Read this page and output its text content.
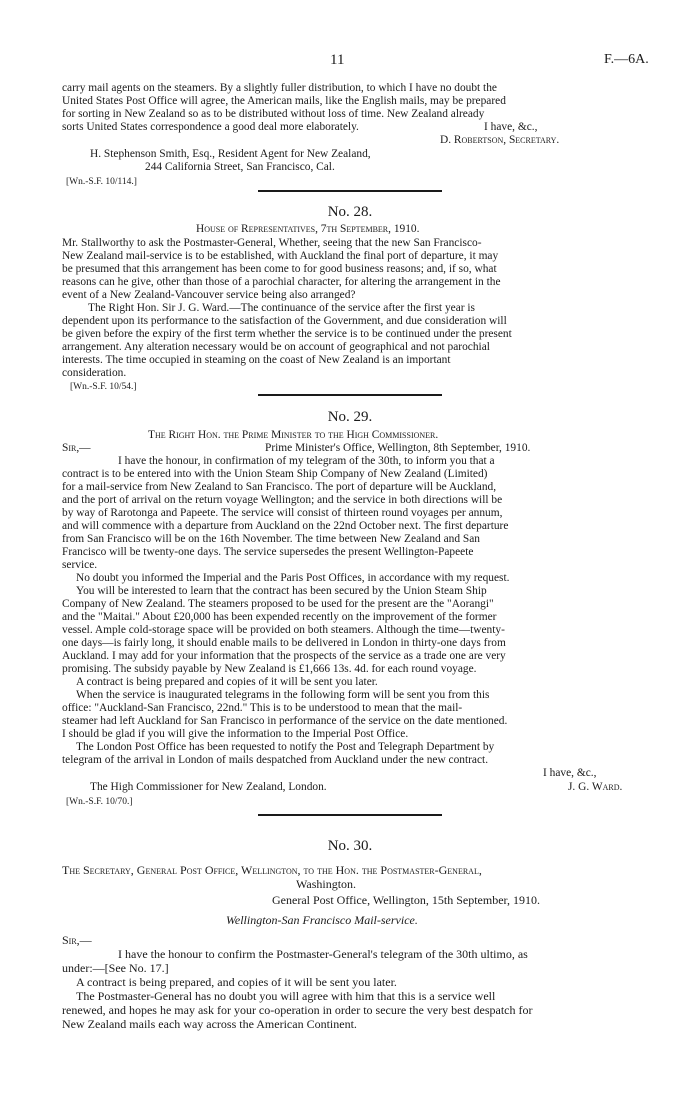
11	F.—6A.
carry mail agents on the steamers. By a slightly fuller distribution, to which I have no doubt the
United States Post Office will agree, the American mails, like the English mails, may be prepared
for sorting in New Zealand so as to be distributed without loss of time. New Zealand already
sorts United States correspondence a good deal more elaborately.	I have, &c.,
D. Robertson, Secretary.
H. Stephenson Smith, Esq., Resident Agent for New Zealand,
244 California Street, San Francisco, Cal.
[Wn.-S.F. 10/114.]
No. 28.
House of Representatives, 7th September, 1910.
Mr. Stallworthy to ask the Postmaster-General, Whether, seeing that the new San Francisco-
New Zealand mail-service is to be established, with Auckland the final port of departure, it may
be presumed that this arrangement has been come to for good business reasons; and, if so, what
reasons can he give, other than those of a parochial character, for altering the arrangement in the
event of a New Zealand-Vancouver service being also arranged?
The Right Hon. Sir J. G. Ward.—The continuance of the service after the first year is
dependent upon its performance to the satisfaction of the Government, and due consideration will
be given before the expiry of the first term whether the service is to be continued under the present
arrangement. Any alteration necessary would be on account of geographical and not parochial
interests. The time occupied in steaming on the coast of New Zealand is an important
consideration.
[Wn.-S.F. 10/54.]
No. 29.
The Right Hon. the Prime Minister to the High Commissioner.
Sir,—	Prime Minister's Office, Wellington, 8th September, 1910.
I have the honour, in confirmation of my telegram of the 30th, to inform you that a
contract is to be entered into with the Union Steam Ship Company of New Zealand (Limited)
for a mail-service from New Zealand to San Francisco. The port of departure will be Auckland,
and the port of arrival on the return voyage Wellington; and the service in both directions will be
by way of Rarotonga and Papeete. The service will consist of thirteen round voyages per annum,
and will commence with a departure from Auckland on the 22nd October next. The first departure
from San Francisco will be on the 16th November. The time between New Zealand and San
Francisco will be twenty-one days. The service supersedes the present Wellington-Papeete
service.
No doubt you informed the Imperial and the Paris Post Offices, in accordance with my request.
You will be interested to learn that the contract has been secured by the Union Steam Ship
Company of New Zealand. The steamers proposed to be used for the present are the "Aorangi"
and the "Maitai." About £20,000 has been expended recently on the improvement of the former
vessel. Ample cold-storage space will be provided on both steamers. Although the time—twenty-
one days—is fairly long, it should enable mails to be delivered in London in thirty-one days from
Auckland. I may add for your information that the prospects of the service as a trade one are very
promising. The subsidy payable by New Zealand is £1,666 13s. 4d. for each round voyage.
A contract is being prepared and copies of it will be sent you later.
When the service is inaugurated telegrams in the following form will be sent you from this
office: "Auckland-San Francisco, 22nd." This is to be understood to mean that the mail-
steamer had left Auckland for San Francisco in performance of the service on the date mentioned.
I should be glad if you will give the information to the Imperial Post Office.
The London Post Office has been requested to notify the Post and Telegraph Department by
telegram of the arrival in London of mails despatched from Auckland under the new contract.
I have, &c.,
The High Commissioner for New Zealand, London.	J. G. Ward.
[Wn.-S.F. 10/70.]
No. 30.
The Secretary, General Post Office, Wellington, to the Hon. the Postmaster-General,
Washington.
General Post Office, Wellington, 15th September, 1910.
Wellington-San Francisco Mail-service.
Sir,—
I have the honour to confirm the Postmaster-General's telegram of the 30th ultimo, as
under:—[See No. 17.]
A contract is being prepared, and copies of it will be sent you later.
The Postmaster-General has no doubt you will agree with him that this is a service well
renewed, and hopes he may ask for your co-operation in order to secure the very best despatch for
New Zealand mails each way across the American Continent.
